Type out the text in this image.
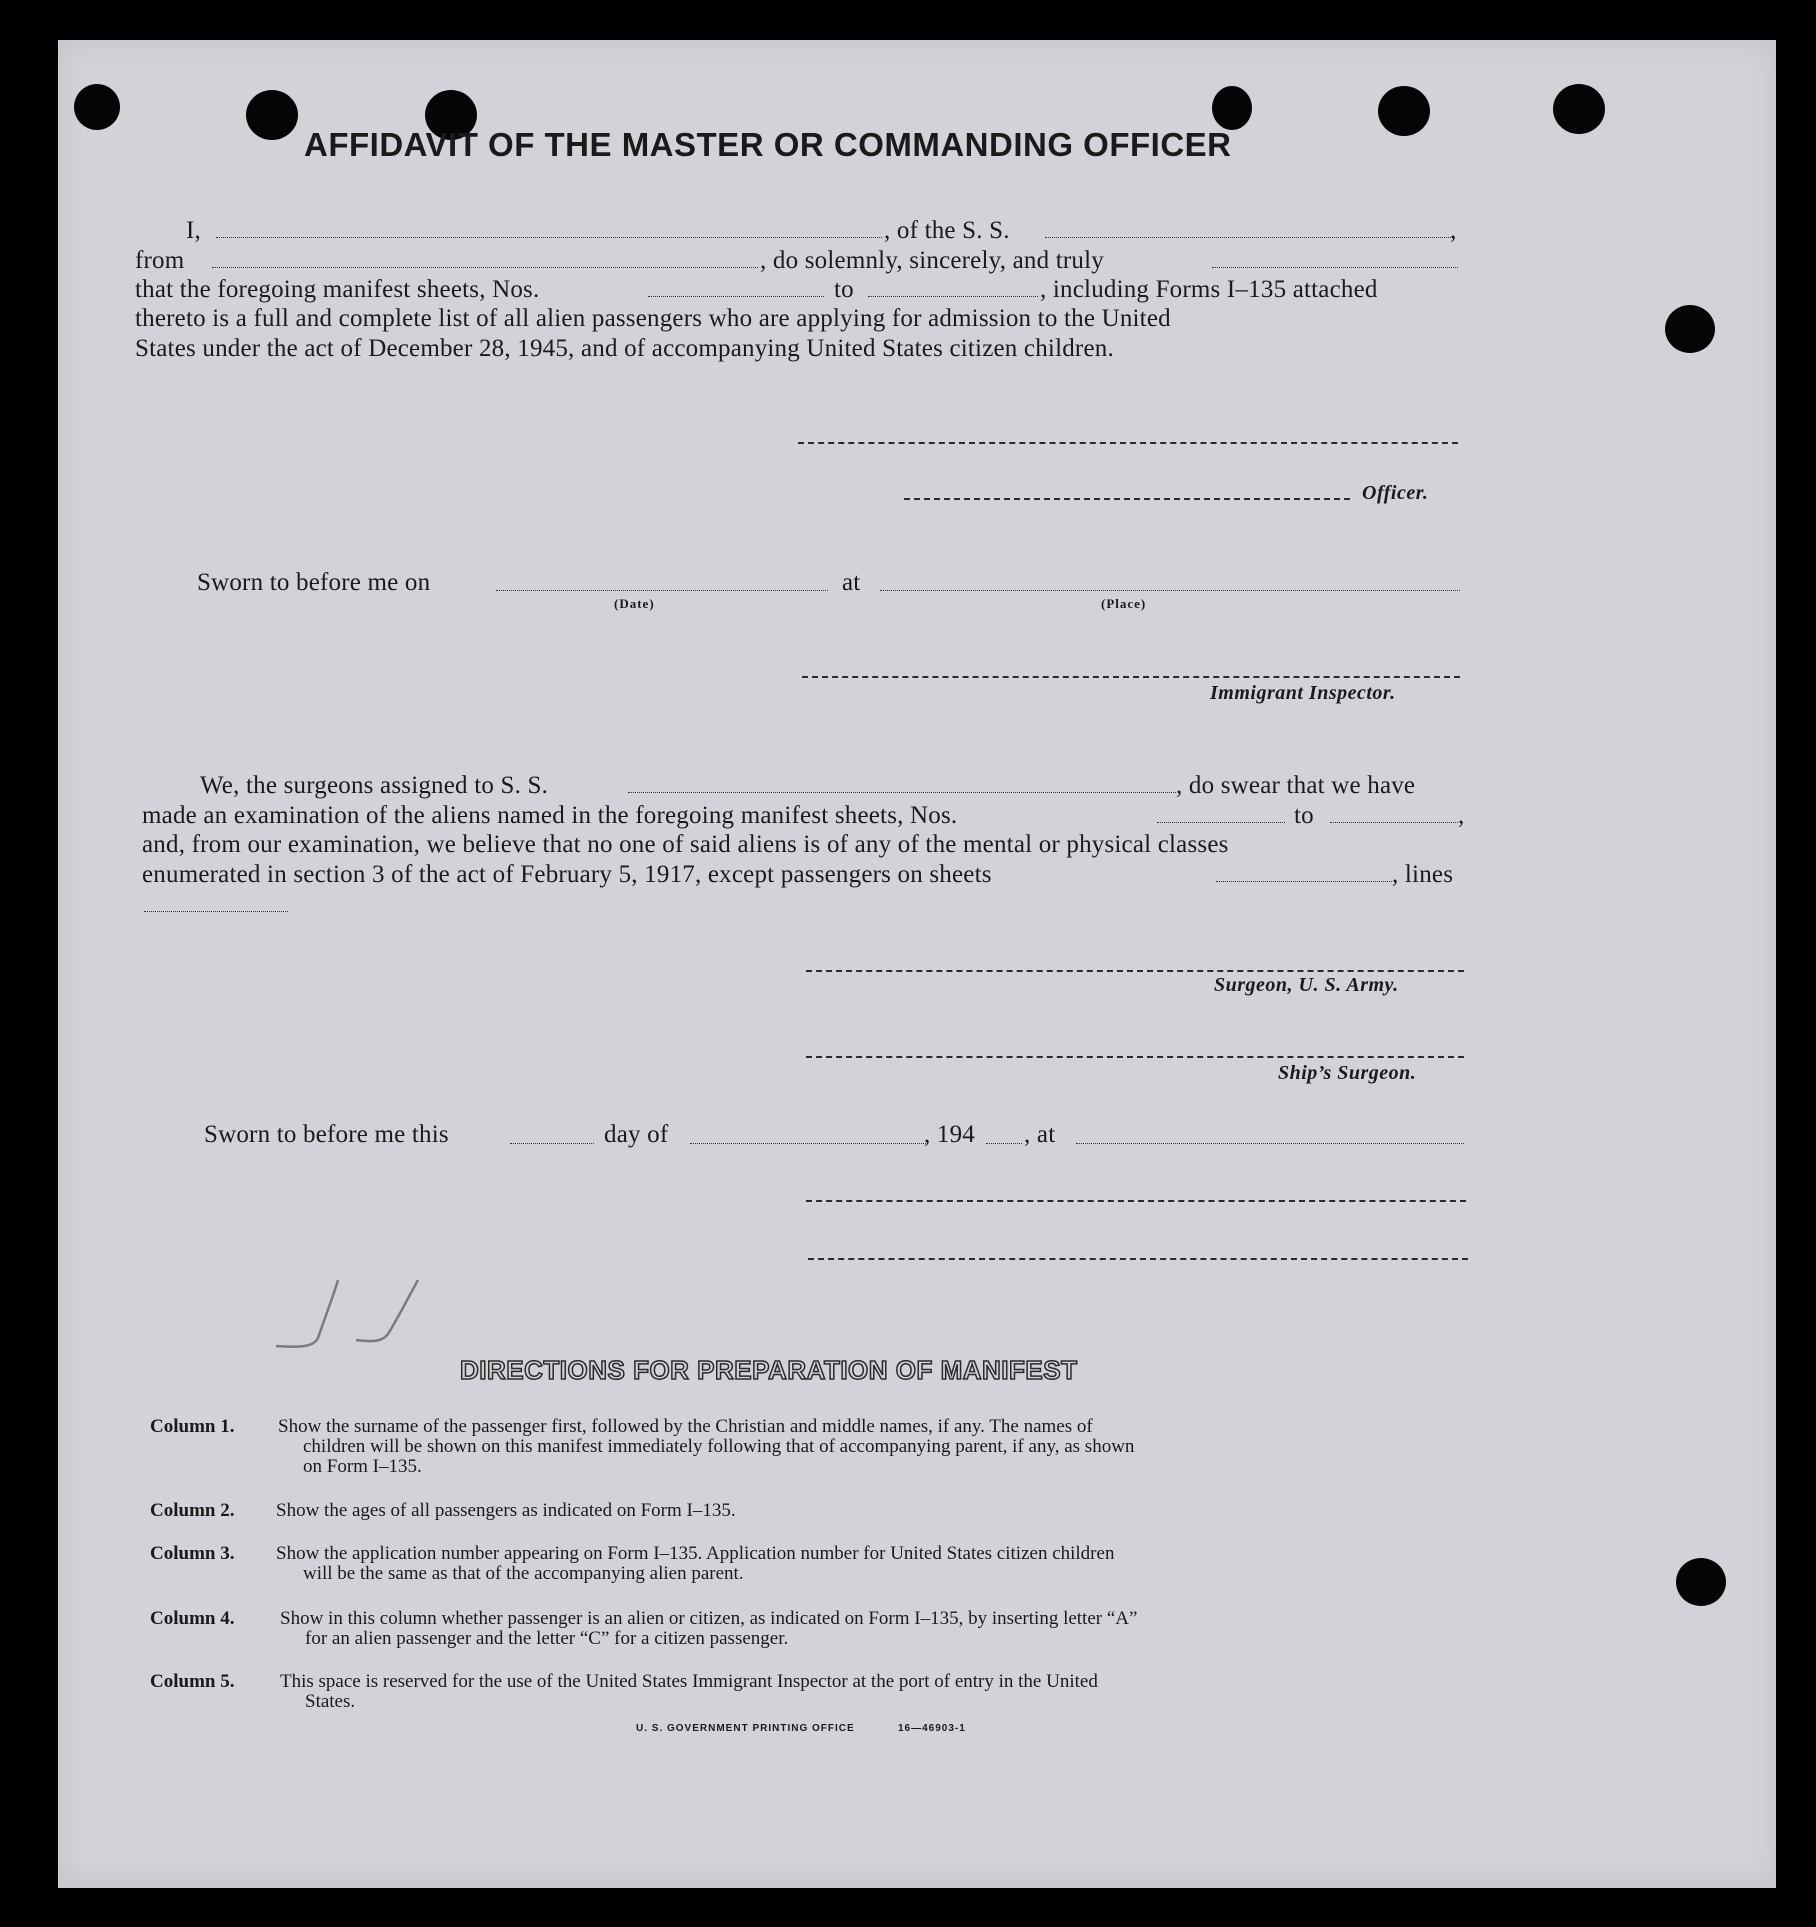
AFFIDAVIT OF THE MASTER OR COMMANDING OFFICER
I,	, of the S. S.	,
from	, do solemnly, sincerely, and truly
that the foregoing manifest sheets, Nos.	to	, including Forms I–135 attached
thereto is a full and complete list of all alien passengers who are applying for admission to the United
States under the act of December 28, 1945, and of accompanying United States citizen children.
Officer.
Sworn to before me on	at
(Date)	(Place)
Immigrant Inspector.
We, the surgeons assigned to S. S.	, do swear that we have
made an examination of the aliens named in the foregoing manifest sheets, Nos.	to	,
and, from our examination, we believe that no one of said aliens is of any of the mental or physical classes
enumerated in section 3 of the act of February 5, 1917, except passengers on sheets	, lines
Surgeon, U. S. Army.
Ship’s Surgeon.
Sworn to before me this	day of	, 194 , at
DIRECTIONS FOR PREPARATION OF MANIFEST
Column 1. Show the surname of the passenger first, followed by the Christian and middle names, if any. The names of
children will be shown on this manifest immediately following that of accompanying parent, if any, as shown
on Form I–135.
Column 2. Show the ages of all passengers as indicated on Form I–135.
Column 3. Show the application number appearing on Form I–135. Application number for United States citizen children
will be the same as that of the accompanying alien parent.
Column 4. Show in this column whether passenger is an alien or citizen, as indicated on Form I–135, by inserting letter “A”
for an alien passenger and the letter “C” for a citizen passenger.
Column 5. This space is reserved for the use of the United States Immigrant Inspector at the port of entry in the United
States.
U. S. GOVERNMENT PRINTING OFFICE	16—46903-1
